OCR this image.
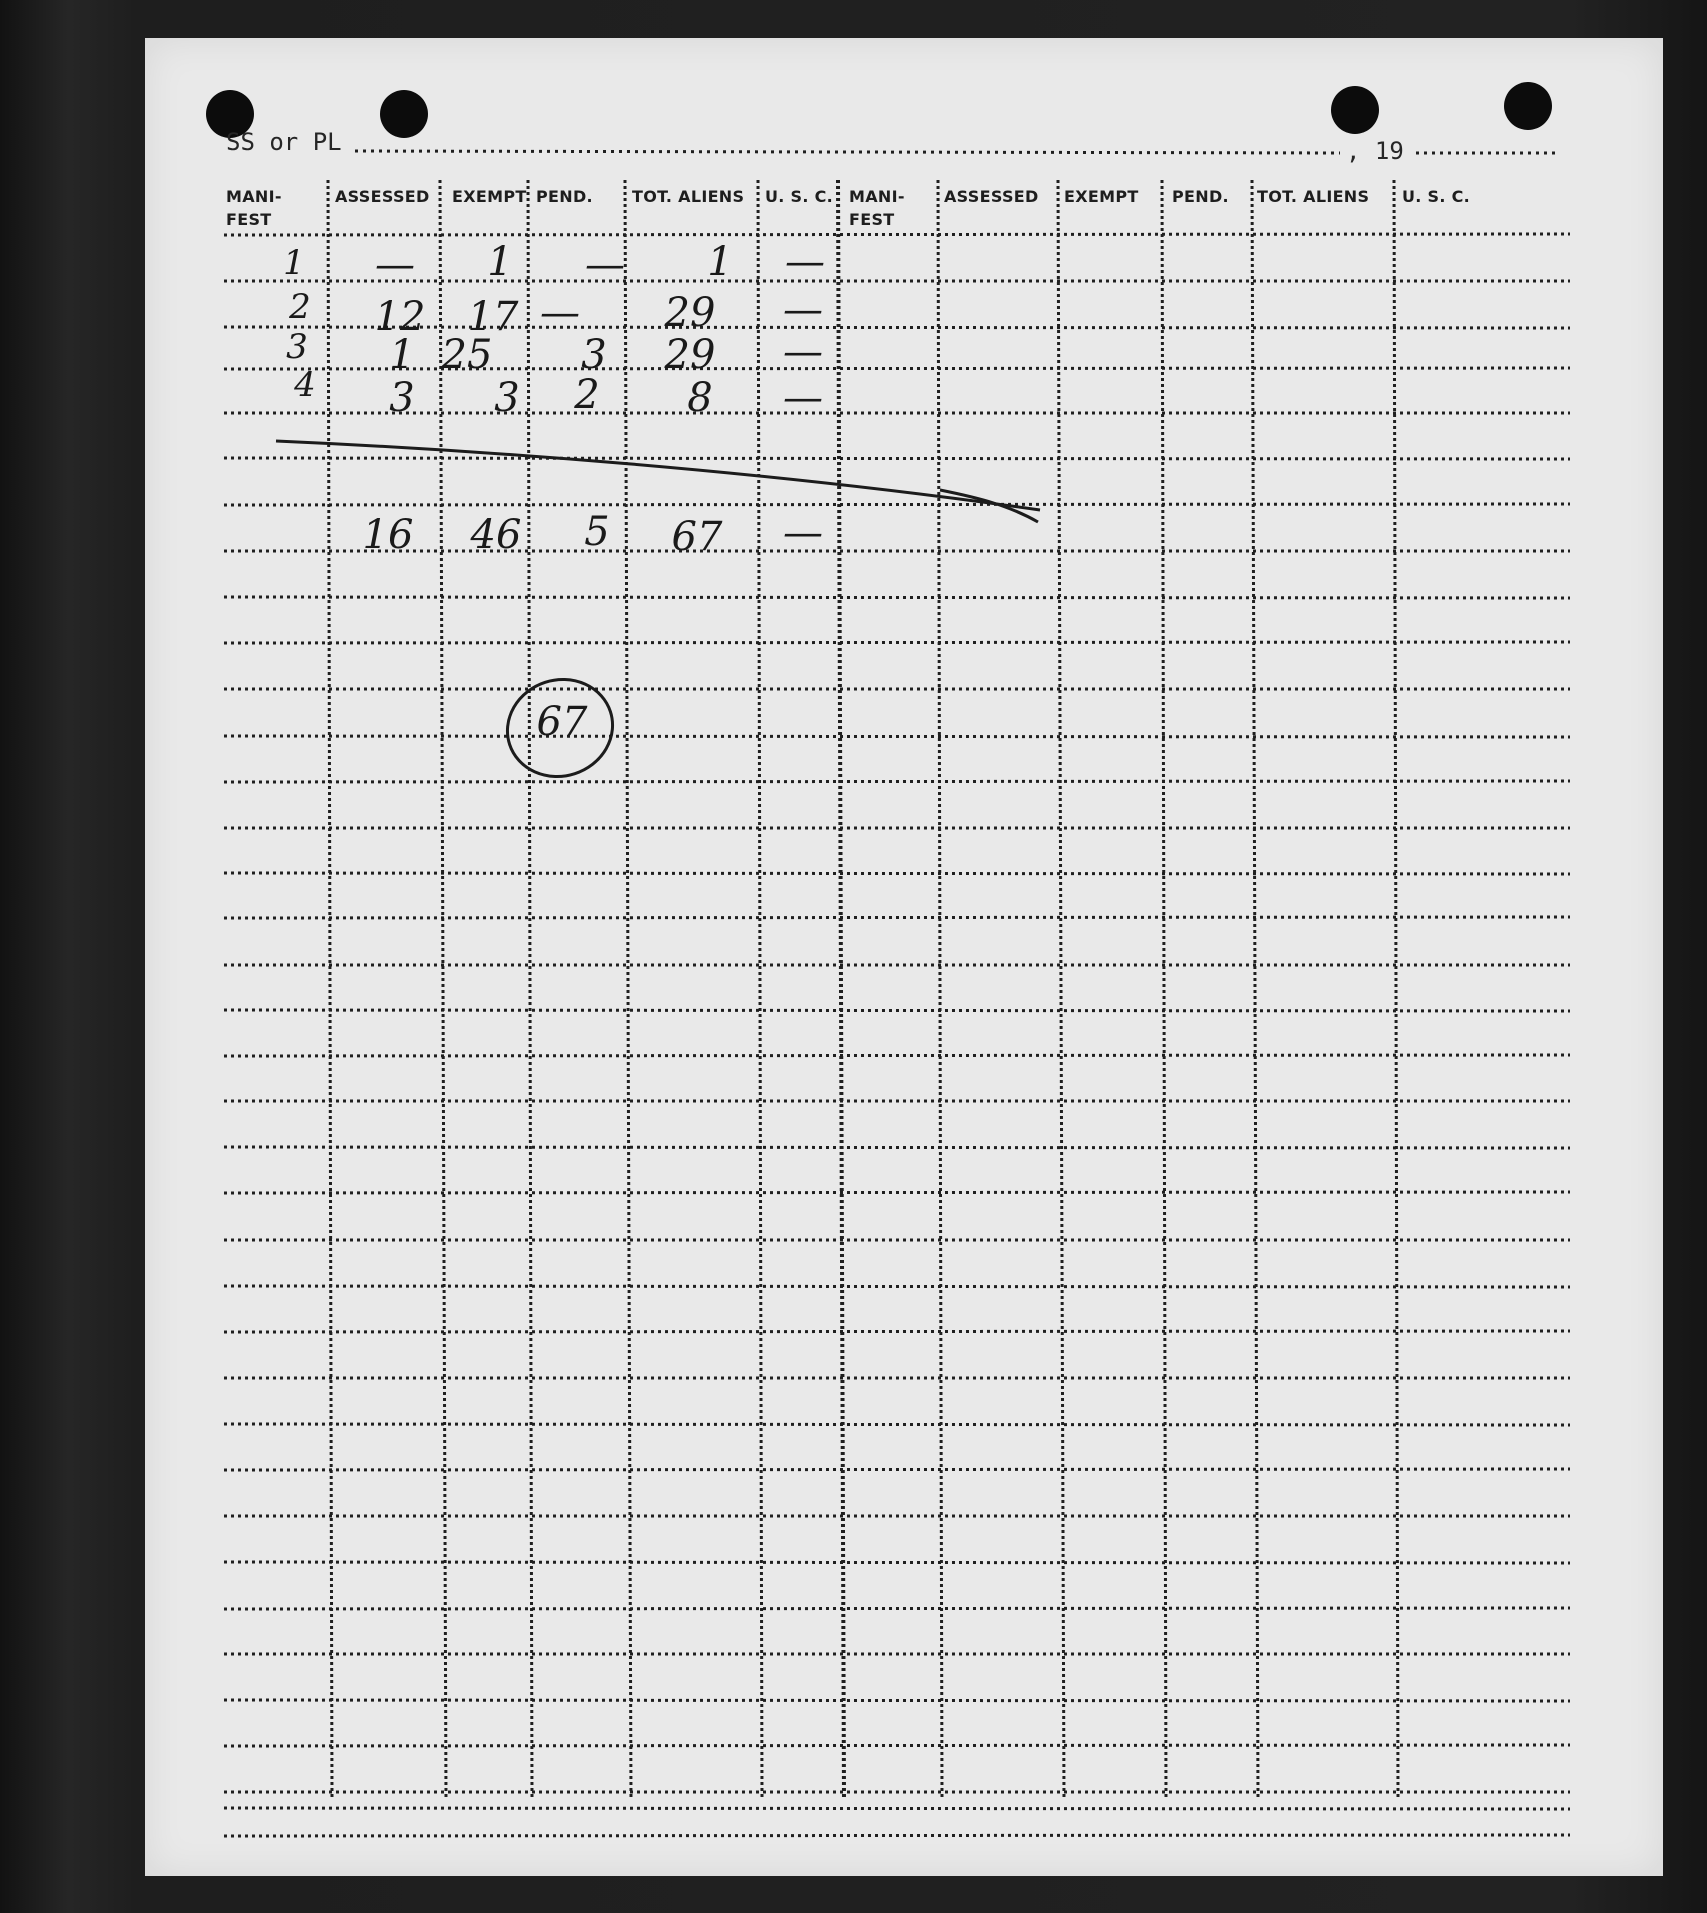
SS or PL	, 19
MANI-
FEST
ASSESSED EXEMPT PEND. TOT. ALIENS U. S. C. MANI-
FEST
ASSESSED EXEMPT PEND. TOT. ALIENS U. S. C.
1 — 1 — 1 —
2 12 17 — 29 —
3 1 25 3 29 —
4 3 3 2 8 —
16 46 5 67 —
67
